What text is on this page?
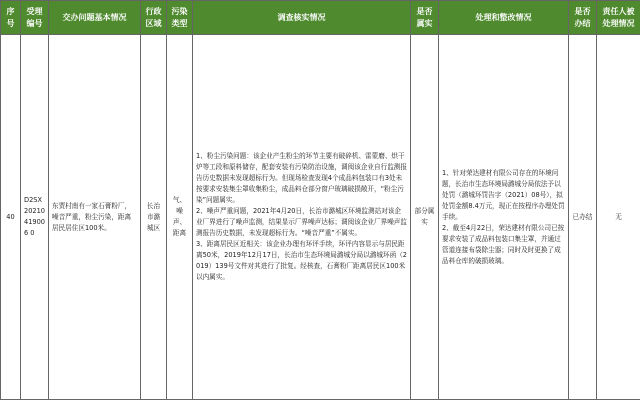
序号	受理编号	交办问题基本情况	行政区域	污染类型	调查核实情况	是否属实	处理和整改情况	是否办结	责任人被处理情况
40	D2SX20210419006 0	东贾村南有一家石膏粉厂，噪音严重，粉尘污染，距离居民居住区100米。	长治市潞城区	气、噪声、距离	1、粉尘污染问题：该企业产生粉尘的环节主要有破碎机、雷蒙磨、烘干炉等工段和原料储存，配套安装有污染防治设施，调阅该企业自行监测报告历史数据未发现超标行为。但现场检查发现4个成品料包装口有3处未按要求安装集尘罩收集粉尘，成品料仓部分窗户玻璃破损敞开，“粉尘污染”问题属实。
2、噪声严重问题，2021年4月20日，长治市潞城区环境监测站对该企业厂界进行了噪声监测，结果显示厂界噪声达标；调阅该企业厂界噪声监测报告历史数据，未发现超标行为。“噪音严重”不属实。
3、距离居民区近相关：该企业办理有环评手续，环评内容显示与居民距离50米，2019年12月17日，长治市生态环境局潞城分局以潞城环函（2019）139号文件对其进行了批复。经核查，石膏粉厂距离居民区100米以内属实。	部分属实	1、针对荣达建材有限公司存在的环境问题，长治市生态环境局潞城分局依法予以处罚（潞城环罚告字（2021）08号），拟处罚金额8.4万元，现正在按程序办理处罚手续。
2、截至4月22日，荣达建材有限公司已按要求安装了成品料包装口集尘罩，并通过管道连接布袋除尘器；同时及时更换了成品料仓库的破损玻璃。	已办结	无
